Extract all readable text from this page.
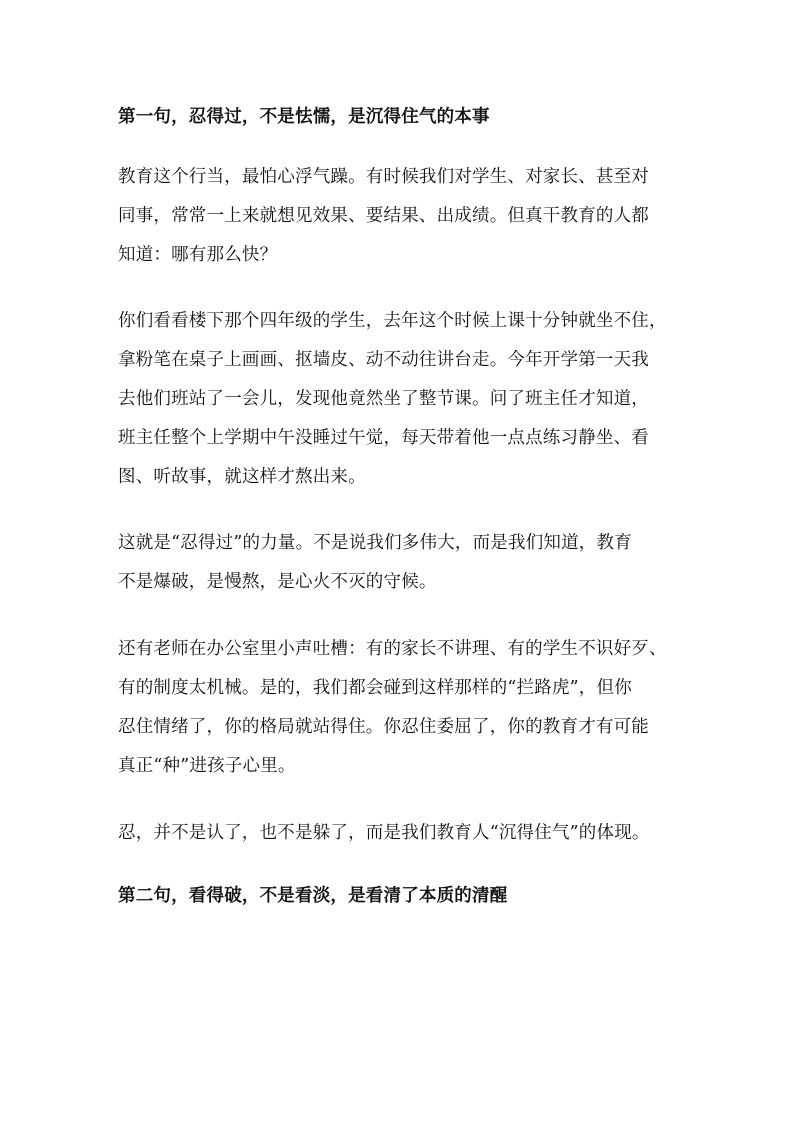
第一句，忍得过，不是怯懦，是沉得住气的本事

教育这个行当，最怕心浮气躁。有时候我们对学生、对家长、甚至对
同事，常常一上来就想见效果、要结果、出成绩。但真干教育的人都
知道：哪有那么快？

你们看看楼下那个四年级的学生，去年这个时候上课十分钟就坐不住，
拿粉笔在桌子上画画、抠墙皮、动不动往讲台走。今年开学第一天我
去他们班站了一会儿，发现他竟然坐了整节课。问了班主任才知道，
班主任整个上学期中午没睡过午觉，每天带着他一点点练习静坐、看
图、听故事，就这样才熬出来。

这就是“忍得过”的力量。不是说我们多伟大，而是我们知道，教育
不是爆破，是慢熬，是心火不灭的守候。

还有老师在办公室里小声吐槽：有的家长不讲理、有的学生不识好歹、
有的制度太机械。是的，我们都会碰到这样那样的“拦路虎”，但你
忍住情绪了，你的格局就站得住。你忍住委屈了，你的教育才有可能
真正“种”进孩子心里。

忍，并不是认了，也不是躲了，而是我们教育人“沉得住气”的体现。

第二句，看得破，不是看淡，是看清了本质的清醒
